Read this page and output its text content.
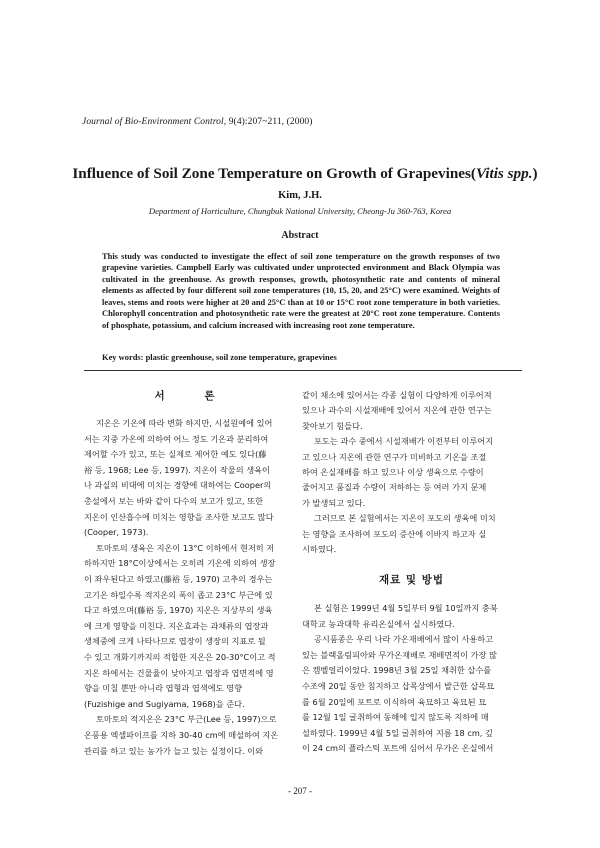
Journal of Bio-Environment Control, 9(4):207~211, (2000)
Influence of Soil Zone Temperature on Growth of Grapevines(Vitis spp.)
Kim, J.H.
Department of Horticulture, Chungbuk National University, Cheong-Ju 360-763, Korea
Abstract

This study was conducted to investigate the effect of soil zone temperature on the growth responses of two grapevine varieties. Campbell Early was cultivated under unprotected environment and Black Olympia was cultivated in the greenhouse. As growth responses, growth, photosynthetic rate and contents of mineral elements as affected by four different soil zone temperatures (10, 15, 20, and 25°C) were examined. Weights of leaves, stems and roots were higher at 20 and 25°C than at 10 or 15°C root zone temperature in both varieties. Chlorophyll concentration and photosynthetic rate were the greatest at 20°C root zone temperature. Contents of phosphate, potassium, and calcium increased with increasing root zone temperature.

Key words: plastic greenhouse, soil zone temperature, grapevines
서 론
지온은 기온에 따라 변화 하지만, 시설원예에 있어
서는 지중 가온에 의하여 어느 정도 기온과 분리하여
제어할 수가 있고, 또는 실제로 제어한 예도 있다(藤
裕 등, 1968; Lee 등, 1997). 지온이 작물의 생육이
나 과실의 비대에 미치는 경향에 대하여는 Cooper의
총설에서 보는 바와 같이 다수의 보고가 있고, 또한
지온이 인산흡수에 미치는 영향을 조사한 보고도 많다
(Cooper, 1973).
토마토의 생육은 지온이 13°C 이하에서 현저히 저
하하지만 18°C이상에서는 오히려 기온에 의하여 생장
이 좌우된다고 하였고(藤裕 등, 1970) 고추의 경우는
고기온 하일수록 적지온의 폭이 좁고 23°C 부근에 있
다고 하였으며(藤裕 등, 1970) 지온은 지상부의 생육
에 크게 영향을 미친다. 지온효과는 과채류의 엽장과
생체중에 크게 나타나므로 엽장이 생장의 지표로 될
수 있고 개화기까지의 적합한 지온은 20-30°C이고 적
지온 하에서는 건물율이 낮아지고 엽장과 엽면적에 영
향을 미칠 뿐만 아니라 엽형과 엽색에도 영향
(Fuzishige and Sugiyama, 1968)을 준다.
토마토의 적지온은 23°C 부근(Lee 등, 1997)으로
온풍용 엑셀파이프를 지하 30-40 cm에 매설하여 지온
관리를 하고 있는 농가가 늘고 있는 실정이다. 이와
재료 및 방법
같이 채소에 있어서는 각종 실험이 다양하게 이루어져
있으나 과수의 시설재배에 있어서 지온에 관한 연구는
찾아보기 힘들다.
포도는 과수 중에서 시설재배가 이전부터 이루어지
고 있으나 지온에 관한 연구가 미비하고 기온을 조절
하여 온실재배를 하고 있으나 이상 생육으로 수량이
줄어지고 품질과 수량이 저하하는 등 여러 가지 문제
가 발생되고 있다.
그러므로 본 실험에서는 지온이 포도의 생육에 미치
는 영향을 조사하여 포도의 증산에 이바지 하고자 실
시하였다.
본 실험은 1999년 4월 5일부터 9월 10일까지 충북
대학교 농과대학 유리온실에서 실시하였다.
공시품종은 우리 나라 가온재배에서 많이 사용하고
있는 블랙올림피아와 무가온재배로 재배면적이 가장 많
은 캠벨얼리이었다. 1998년 3월 25일 채취한 삽수를
수조에 20일 동안 침지하고 삽목상에서 발근한 삽목묘
를 6월 20일에 포트로 이식하여 육묘하고 육묘된 묘
를 12월 1일 굴취하여 동해에 입지 않도록 지하에 매
설하였다. 1999년 4월 5일 굴취하여 지름 18 cm, 깊
이 24 cm의 플라스틱 포트에 심어서 무가온 온실에서
- 207 -
